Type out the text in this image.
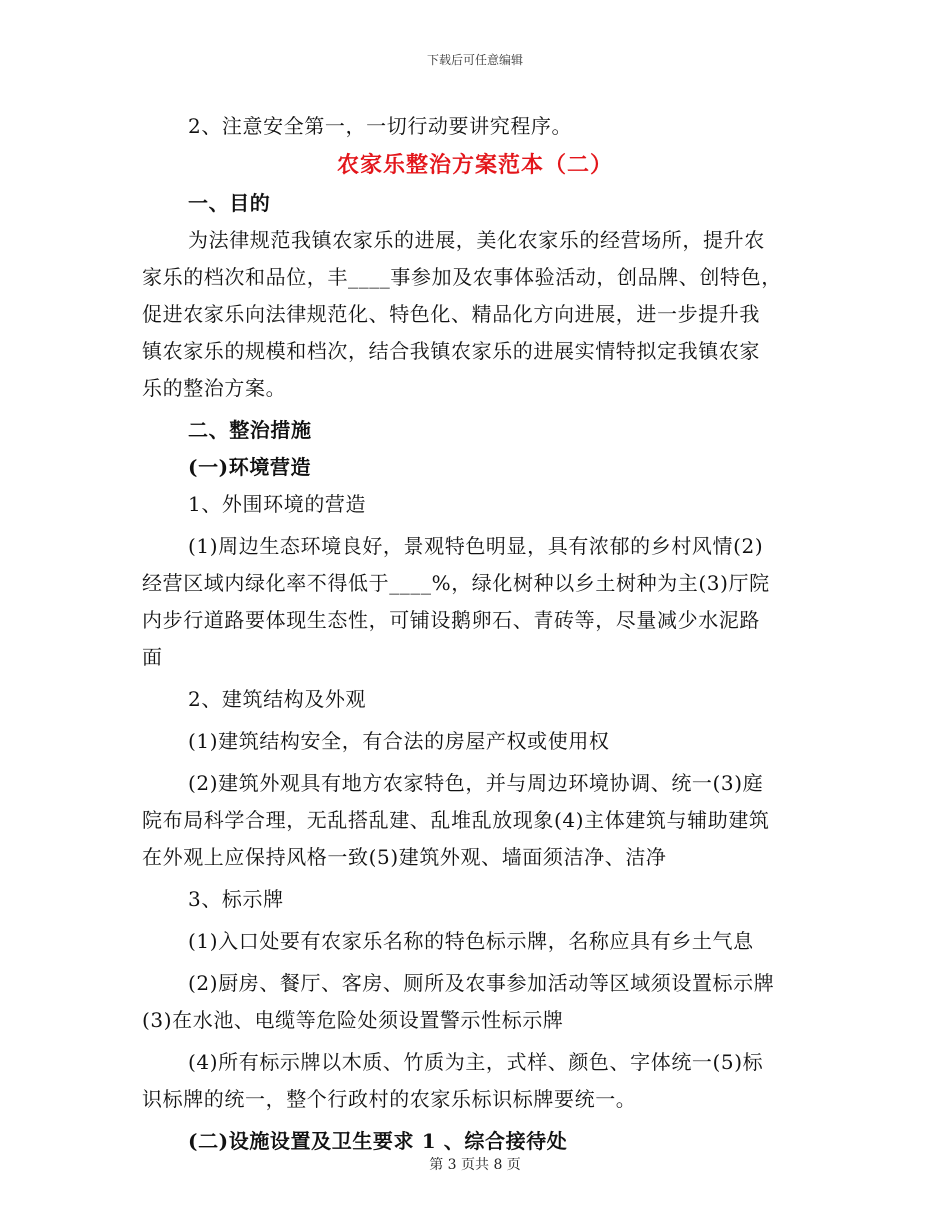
下载后可任意编辑

2、注意安全第一，一切行动要讲究程序。

农家乐整治方案范本（二）

一、目的

为法律规范我镇农家乐的进展，美化农家乐的经营场所，提升农

家乐的档次和品位，丰____事参加及农事体验活动，创品牌、创特色，

促进农家乐向法律规范化、特色化、精品化方向进展，进一步提升我

镇农家乐的规模和档次，结合我镇农家乐的进展实情特拟定我镇农家

乐的整治方案。

二、整治措施

(一)环境营造

1、外围环境的营造

(1)周边生态环境良好，景观特色明显，具有浓郁的乡村风情(2)

经营区域内绿化率不得低于____%，绿化树种以乡土树种为主(3)厅院

内步行道路要体现生态性，可铺设鹅卵石、青砖等，尽量减少水泥路

面

2、建筑结构及外观

(1)建筑结构安全，有合法的房屋产权或使用权

(2)建筑外观具有地方农家特色，并与周边环境协调、统一(3)庭

院布局科学合理，无乱搭乱建、乱堆乱放现象(4)主体建筑与辅助建筑

在外观上应保持风格一致(5)建筑外观、墙面须洁净、洁净

3、标示牌

(1)入口处要有农家乐名称的特色标示牌，名称应具有乡土气息

(2)厨房、餐厅、客房、厕所及农事参加活动等区域须设置标示牌

(3)在水池、电缆等危险处须设置警示性标示牌

(4)所有标示牌以木质、竹质为主，式样、颜色、字体统一(5)标

识标牌的统一，整个行政村的农家乐标识标牌要统一。

(二)设施设置及卫生要求 1 、综合接待处

第 3 页共 8 页
